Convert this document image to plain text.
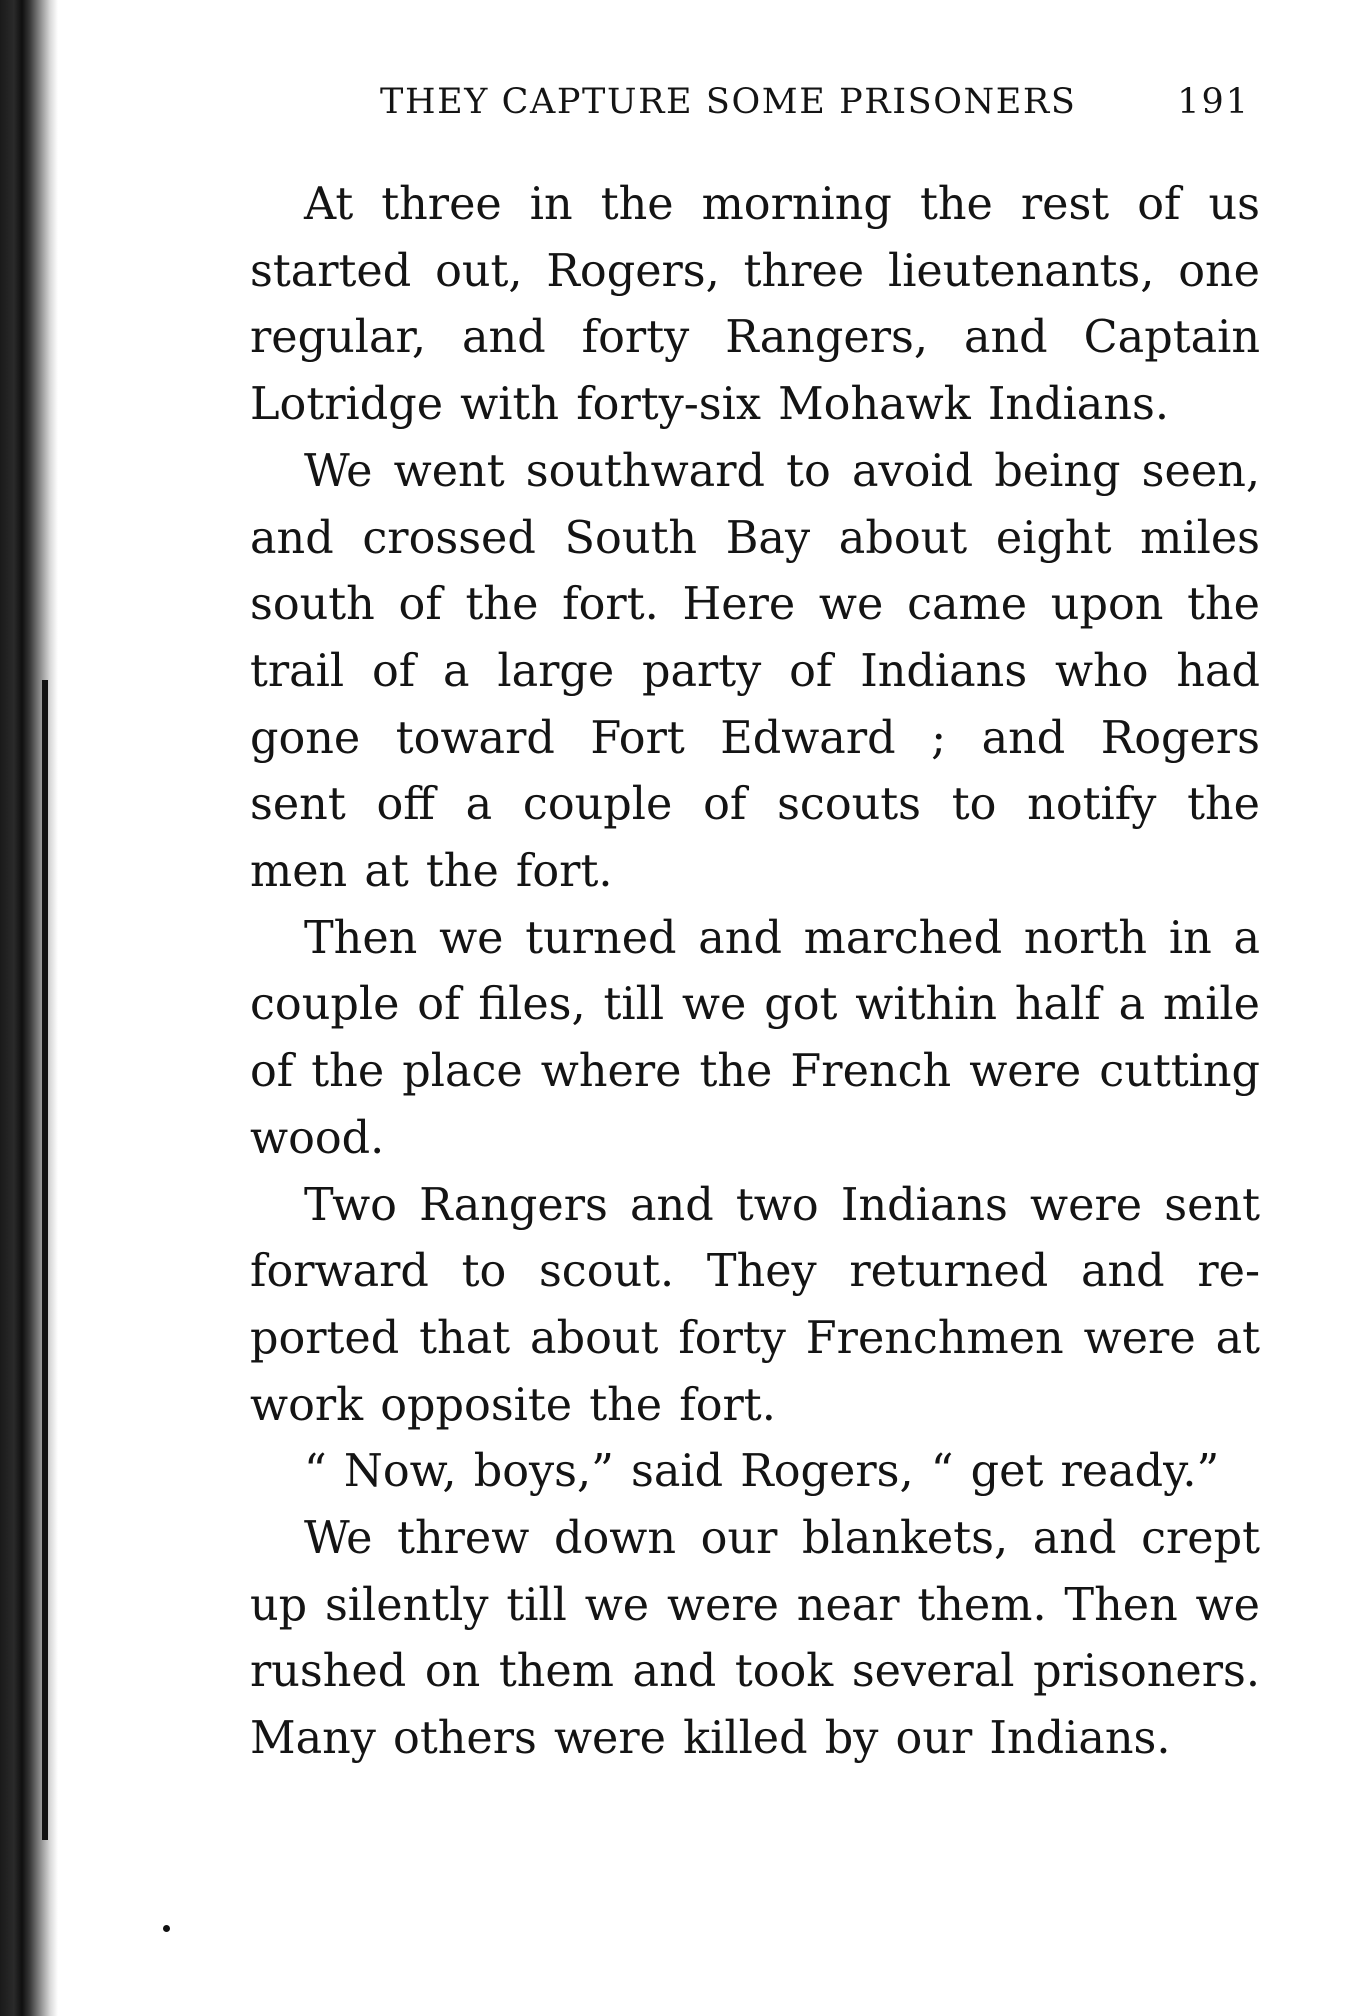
THEY CAPTURE SOME PRISONERS	191

At three in the morning the rest of us started out, Rogers, three lieutenants, one regular, and forty Rangers, and Captain Lotridge with forty-six Mohawk Indians.

We went southward to avoid being seen, and crossed South Bay about eight miles south of the fort. Here we came upon the trail of a large party of Indians who had gone toward Fort Edward ; and Rogers sent off a couple of scouts to notify the men at the fort.

Then we turned and marched north in a couple of files, till we got within half a mile of the place where the French were cutting wood.

Two Rangers and two Indians were sent forward to scout. They returned and reported that about forty Frenchmen were at work opposite the fort.

“ Now, boys,” said Rogers, “ get ready.”

We threw down our blankets, and crept up silently till we were near them. Then we rushed on them and took several prisoners. Many others were killed by our Indians.
